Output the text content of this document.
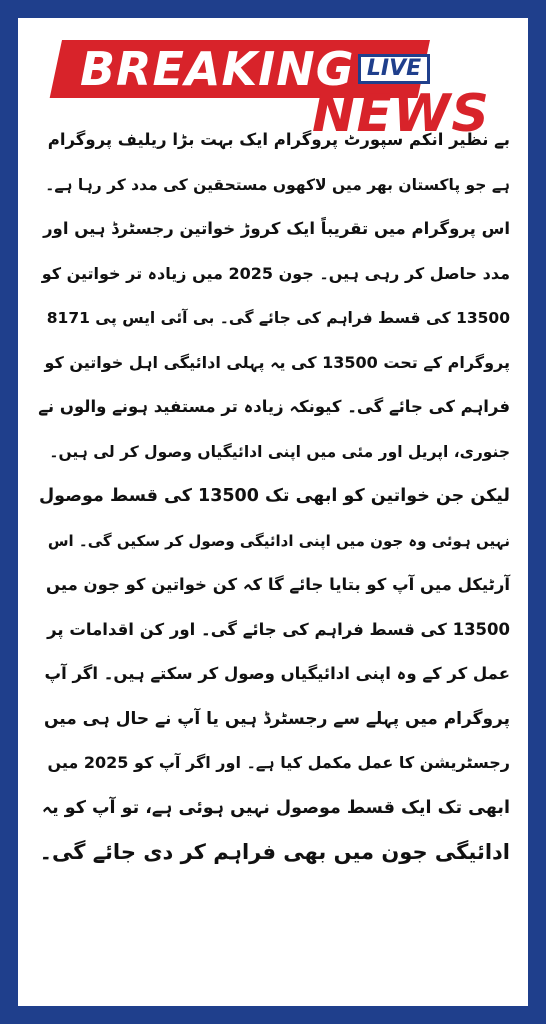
BREAKING LIVE
NEWS
بے نظیر انکم سپورٹ پروگرام ایک بہت بڑا ریلیف پروگرام
ہے جو پاکستان بھر میں لاکھوں مستحقین کی مدد کر رہا ہے۔
اس پروگرام میں تقریباً ایک کروڑ خواتین رجسٹرڈ ہیں اور
مدد حاصل کر رہی ہیں۔ جون 2025 میں زیادہ تر خواتین کو
13500 کی قسط فراہم کی جائے گی۔ بی آئی ایس پی 8171
پروگرام کے تحت 13500 کی یہ پہلی ادائیگی اہل خواتین کو
فراہم کی جائے گی۔ کیونکہ زیادہ تر مستفید ہونے والوں نے
جنوری، اپریل اور مئی میں اپنی ادائیگیاں وصول کر لی ہیں۔
لیکن جن خواتین کو ابھی تک 13500 کی قسط موصول
نہیں ہوئی وہ جون میں اپنی ادائیگی وصول کر سکیں گی۔ اس
آرٹیکل میں آپ کو بتایا جائے گا کہ کن خواتین کو جون میں
13500 کی قسط فراہم کی جائے گی۔ اور کن اقدامات پر
عمل کر کے وہ اپنی ادائیگیاں وصول کر سکتے ہیں۔ اگر آپ
پروگرام میں پہلے سے رجسٹرڈ ہیں یا آپ نے حال ہی میں
رجسٹریشن کا عمل مکمل کیا ہے۔ اور اگر آپ کو 2025 میں
ابھی تک ایک قسط موصول نہیں ہوئی ہے، تو آپ کو یہ
ادائیگی جون میں بھی فراہم کر دی جائے گی۔
